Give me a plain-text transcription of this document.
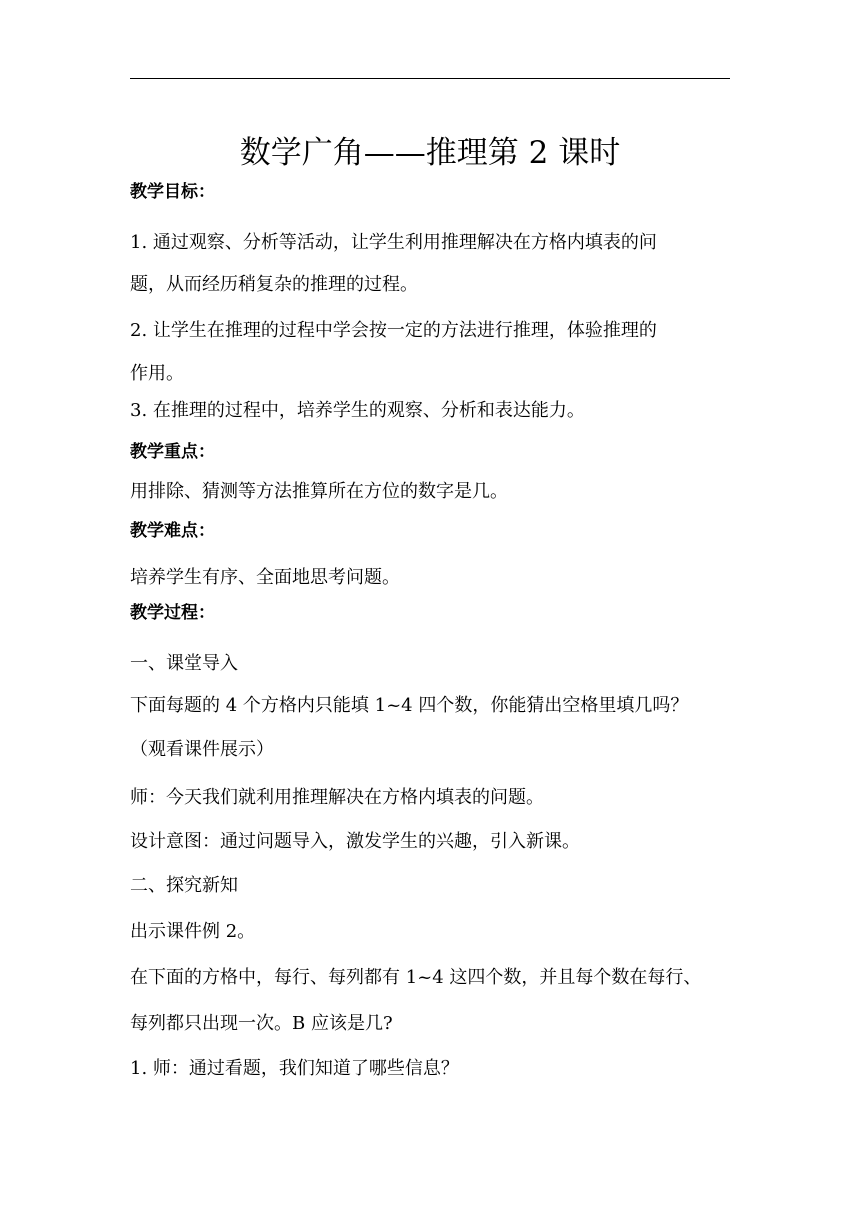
数学广角——推理第 2 课时
教学目标：
1. 通过观察、分析等活动，让学生利用推理解决在方格内填表的问
题，从而经历稍复杂的推理的过程。
2. 让学生在推理的过程中学会按一定的方法进行推理，体验推理的
作用。
3. 在推理的过程中，培养学生的观察、分析和表达能力。
教学重点：
用排除、猜测等方法推算所在方位的数字是几。
教学难点：
培养学生有序、全面地思考问题。
教学过程：
一、课堂导入
下面每题的 4 个方格内只能填 1~4 四个数，你能猜出空格里填几吗？
（观看课件展示）
师：今天我们就利用推理解决在方格内填表的问题。
设计意图：通过问题导入，激发学生的兴趣，引入新课。
二、探究新知
出示课件例 2。
在下面的方格中，每行、每列都有 1~4 这四个数，并且每个数在每行、
每列都只出现一次。B 应该是几?
1. 师：通过看题，我们知道了哪些信息？
